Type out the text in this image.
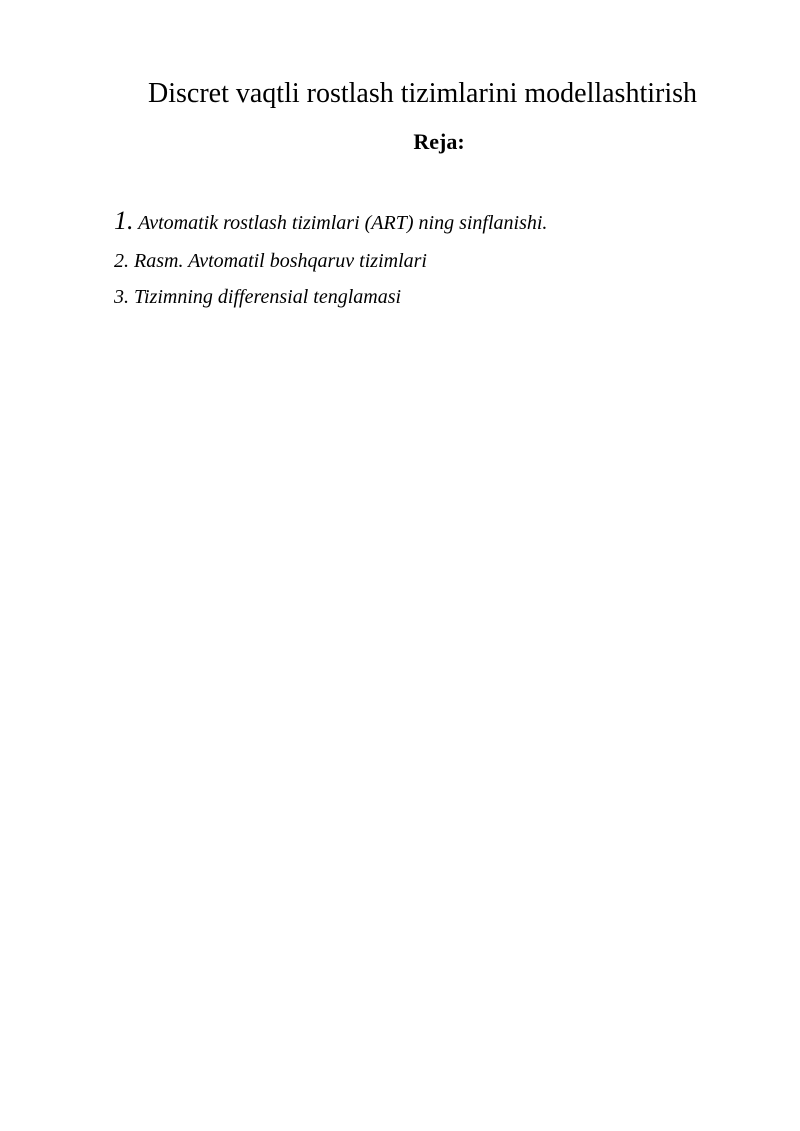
Discret vaqtli rostlash tizimlarini modellashtirish
Reja:
1. Avtomatik rostlash tizimlari (ART) ning sinflanishi.
2. Rasm. Avtomatil boshqaruv tizimlari
3. Tizimning differensial tenglamasi
